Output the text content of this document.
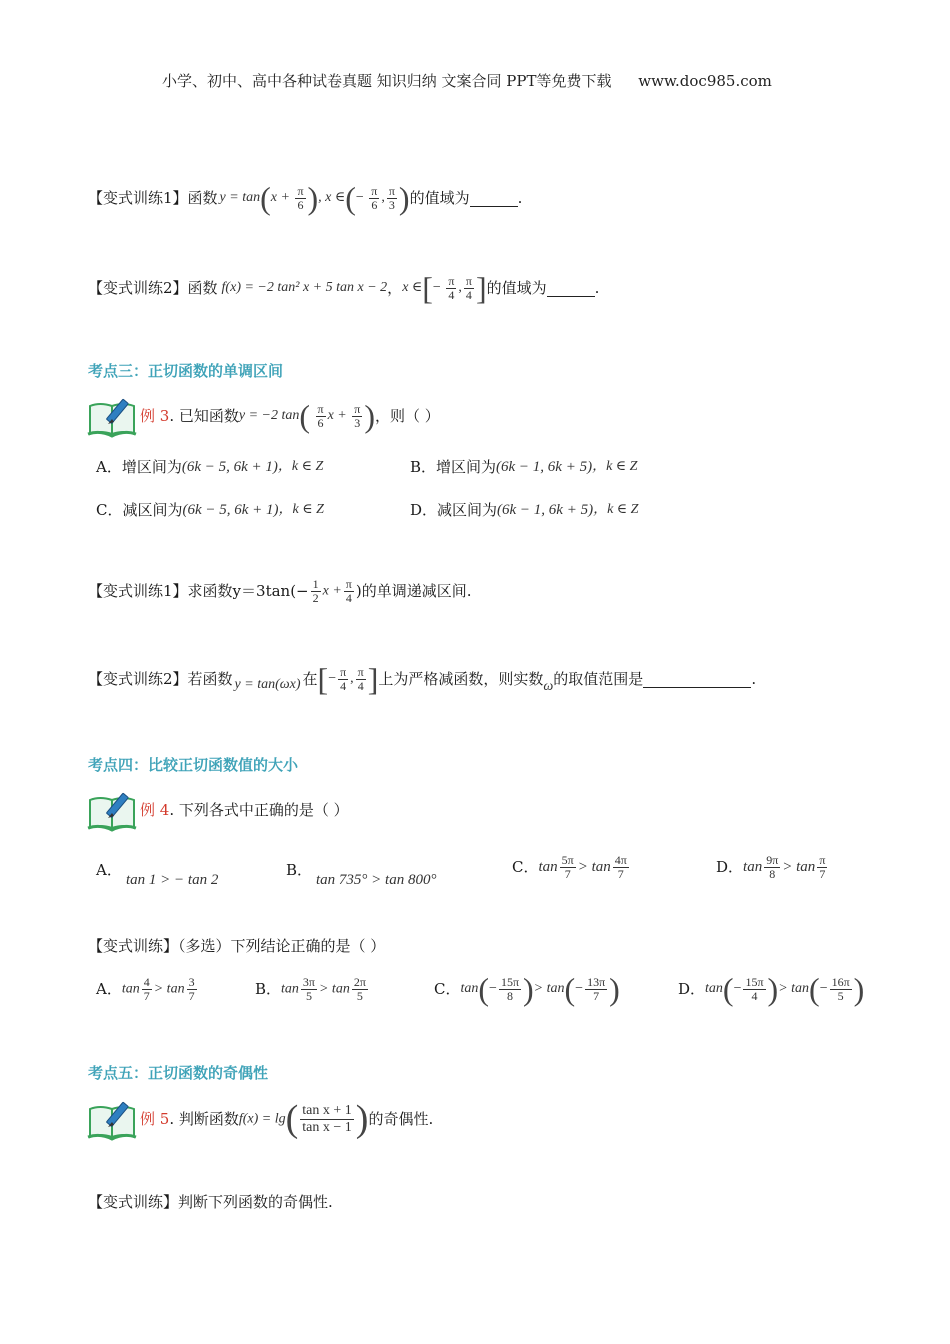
小学、初中、高中各种试卷真题 知识归纳 文案合同 PPT等免费下载 www.doc985.com
【变式训练1】函数 $y = \tan(x + \frac{\pi}{6}$ ), x ∈(− $\frac{\pi}{6}$ , $\frac{\pi}{3}$ ) 的值域为	.
【变式训练2】函数 f(x) = −2 tan² x + 5 tan x − 2 ， x ∈[− $\frac{\pi}{4}$ , $\frac{\pi}{4}$ ] 的值域为	.
考点三：正切函数的单调区间
例 3 . 已知函数 y = −2 $\tan( \frac{\pi}{6}$ $x + \frac{\pi}{3}$ ) ，则（ ）
A．增区间为 (6k − 5, 6k + 1) ，k ∈ Z	B．增区间为 (6k − 1, 6k + 5) ，k ∈ Z
C．减区间为 (6k − 5, 6k + 1) ，k ∈ Z	D．减区间为 (6k − 1, 6k + 5) ，k ∈ Z
【变式训练1】求函数 $y=3\tan(- \frac{1}{2}$ $x + \frac{\pi}{4}$ )的单调递减区间.
【变式训练2】若函数 y = tan(ωx) 在 [− $\frac{\pi}{4}$ , $\frac{\pi}{4}$ ] 上为严格减函数，则实数 ω 的取值范围是	.
考点四：比较正切函数值的大小
例 4 . 下列各式中正确的是（ ）
A．
tan 1 > − tan 2
B．
tan 735° > tan 800°
C． $\tan \frac{5\pi}{7} > \tan \frac{4\pi}{7}$	D． $\tan \frac{9\pi}{8} > \tan \frac{\pi}{7}$
【变式训练】（多选）下列结论正确的是（ ）
A． $\tan \frac{4}{7} > \tan \frac{3}{7}$	B． $\tan \frac{3\pi}{5} > \tan \frac{2\pi}{5}$	C． $\tan(- \frac{15\pi}{8}$ )> $\tan(- \frac{13\pi}{7}$ )	D． $\tan(- \frac{15\pi}{4}$ )> $\tan(- \frac{16\pi}{5}$ )
考点五：正切函数的奇偶性
例 5 . 判断函数 $f(x) = \lg( \frac{\text{tan x + 1}}{\text{tan x − 1}}$ ) 的奇偶性.
【变式训练】判断下列函数的奇偶性.
